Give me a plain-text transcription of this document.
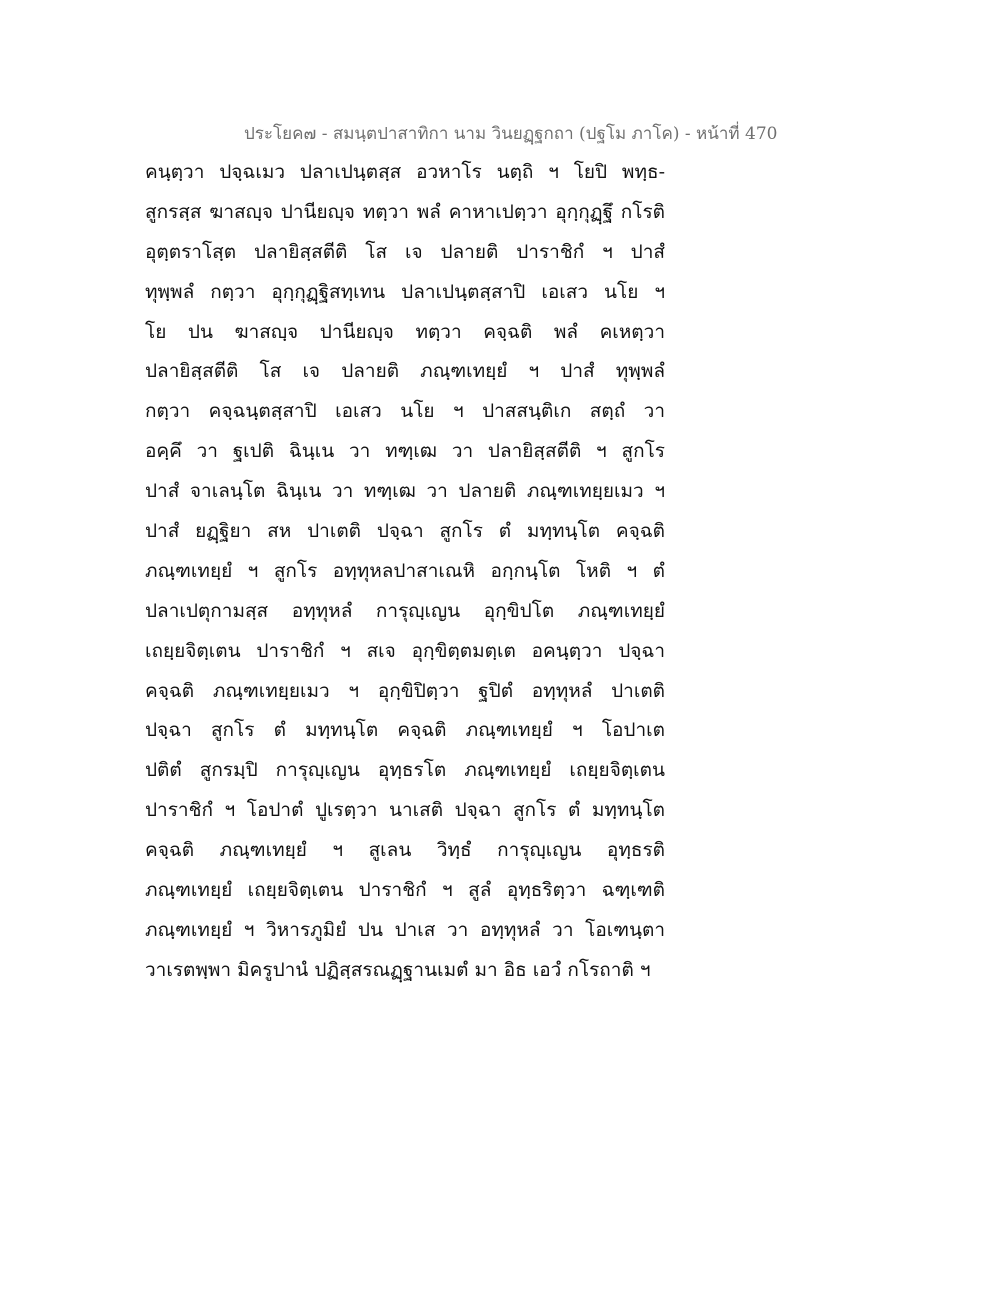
ประโยค๗ - สมนฺตปาสาทิกา นาม วินยฏฺฐกถา (ปฐโม ภาโค) - หน้าที่ 470
คนฺตฺวา ปจฺฉเมว ปลาเปนฺตสฺส อวหาโร นตฺถิ ฯ โยปิ พทฺธ-
สูกรสฺส ฆาสญฺจ ปานียญฺจ ทตฺวา พลํ คาหาเปตฺวา อุกฺกุฏฺฐึ กโรติ
อุตฺตราโสฺต ปลายิสฺสตีติ โส เจ ปลายติ ปาราชิกํ ฯ ปาสํ
ทุพฺพลํ กตฺวา อุกฺกุฏฺฐิสทฺเทน ปลาเปนฺตสฺสาปิ เอเสว นโย ฯ
โย ปน ฆาสญฺจ ปานียญฺจ ทตฺวา คจฺฉติ พลํ คเหตฺวา
ปลายิสฺสตีติ โส เจ ปลายติ ภณฺฑเทยฺยํ ฯ ปาสํ ทุพฺพลํ
กตฺวา คจฺฉนฺตสฺสาปิ เอเสว นโย ฯ ปาสสนฺติเก สตฺถํ วา
อคฺคึ วา ฐเปติ ฉินฺเน วา ทฑฺเฒ วา ปลายิสฺสตีติ ฯ สูกโร
ปาสํ จาเลนฺโต ฉินฺเน วา ทฑฺเฒ วา ปลายติ ภณฺฑเทยฺยเมว ฯ
ปาสํ ยฏฺฐิยา สห ปาเตติ ปจฺฉา สูกโร ตํ มทฺทนฺโต คจฺฉติ
ภณฺฑเทยฺยํ ฯ สูกโร อทฺทุหลปาสาเณหิ อกฺกนฺโต โหติ ฯ ตํ
ปลาเปตุกามสฺส อทฺทุหลํ การุญฺเญน อุกฺขิปโต ภณฺฑเทยฺยํ
เถยฺยจิตฺเตน ปาราชิกํ ฯ สเจ อุกฺขิตฺตมตฺเต อคนฺตฺวา ปจฺฉา
คจฺฉติ ภณฺฑเทยฺยเมว ฯ อุกฺขิปิตฺวา ฐปิตํ อทฺทุหลํ ปาเตติ
ปจฺฉา สูกโร ตํ มทฺทนฺโต คจฺฉติ ภณฺฑเทยฺยํ ฯ โอปาเต
ปติตํ สูกรมฺปิ การุญฺเญน อุทฺธรโต ภณฺฑเทยฺยํ เถยฺยจิตฺเตน
ปาราชิกํ ฯ โอปาตํ ปูเรตฺวา นาเสติ ปจฺฉา สูกโร ตํ มทฺทนฺโต
คจฺฉติ ภณฺฑเทยฺยํ ฯ สูเลน วิทฺธํ การุญฺเญน อุทฺธรติ
ภณฺฑเทยฺยํ เถยฺยจิตฺเตน ปาราชิกํ ฯ สูลํ อุทฺธริตฺวา ฉฑฺเฑติ
ภณฺฑเทยฺยํ ฯ วิหารภูมิยํ ปน ปาเส วา อทฺทุหลํ วา โอเฑนฺตา
วาเรตพฺพา มิครูปานํ ปฏิสฺสรณฏฺฐานเมตํ มา อิธ เอวํ กโรถาติ ฯ
